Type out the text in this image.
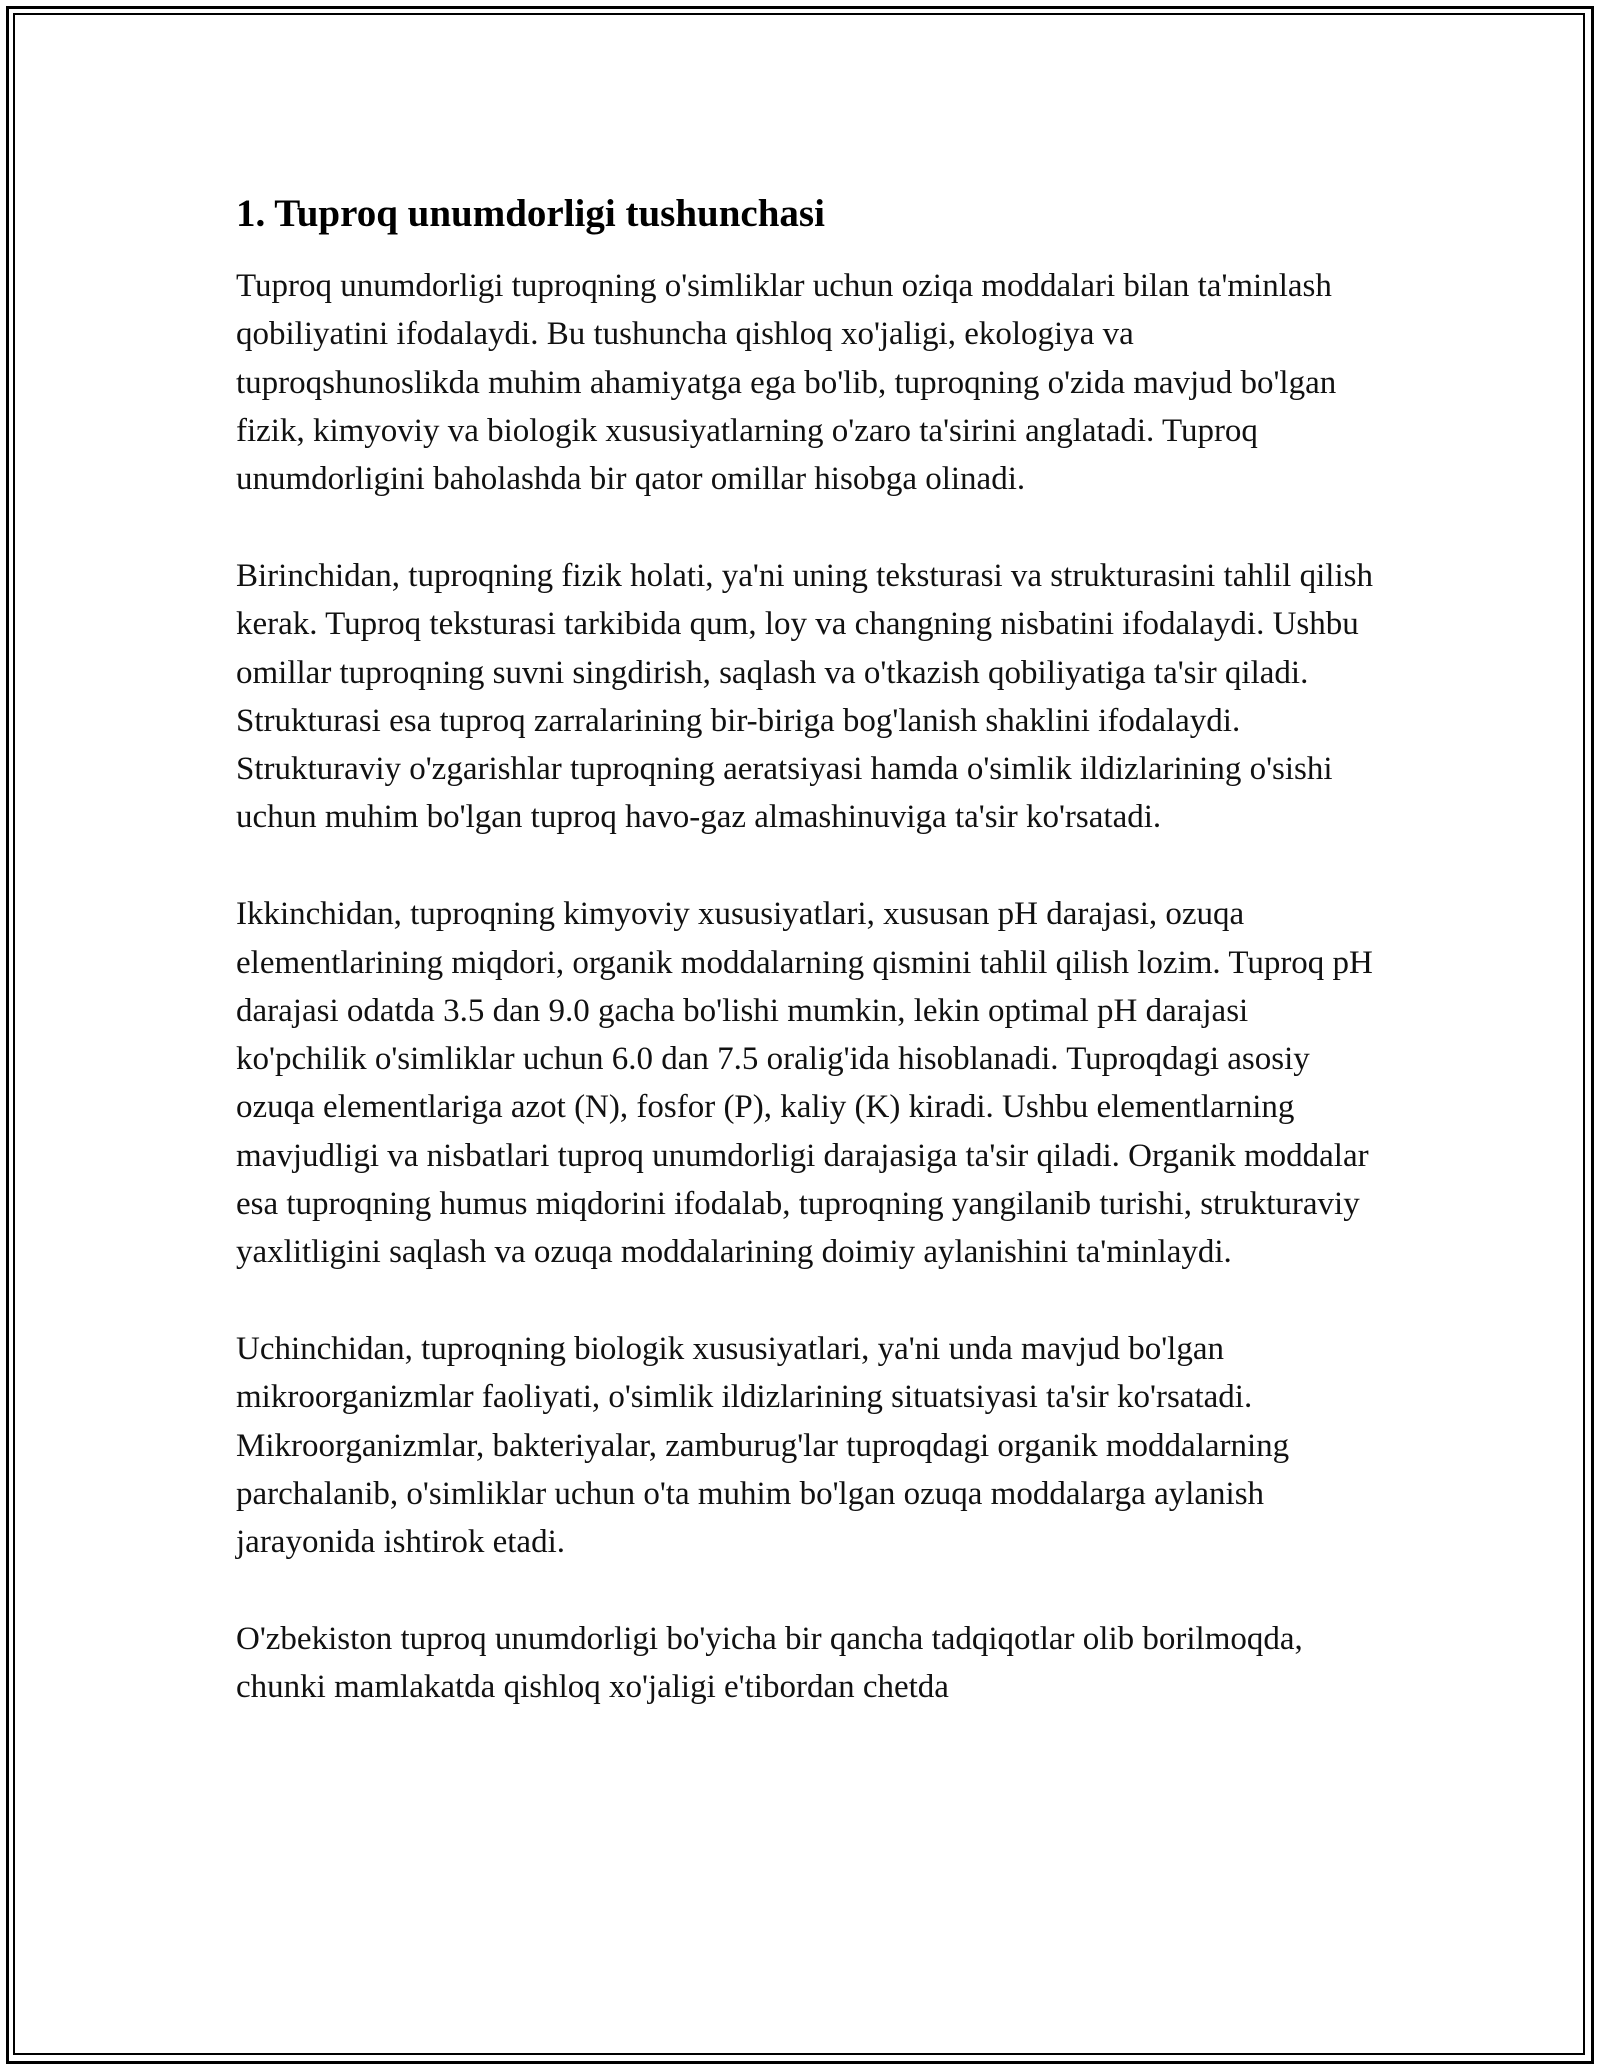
1. Tuproq unumdorligi tushunchasi

Tuproq unumdorligi tuproqning o'simliklar uchun oziqa moddalari bilan ta'minlash qobiliyatini ifodalaydi. Bu tushuncha qishloq xo'jaligi, ekologiya va tuproqshunoslikda muhim ahamiyatga ega bo'lib, tuproqning o'zida mavjud bo'lgan fizik, kimyoviy va biologik xususiyatlarning o'zaro ta'sirini anglatadi. Tuproq unumdorligini baholashda bir qator omillar hisobga olinadi.

Birinchidan, tuproqning fizik holati, ya'ni uning teksturasi va strukturasini tahlil qilish kerak. Tuproq teksturasi tarkibida qum, loy va changning nisbatini ifodalaydi. Ushbu omillar tuproqning suvni singdirish, saqlash va o'tkazish qobiliyatiga ta'sir qiladi. Strukturasi esa tuproq zarralarining bir-biriga bog'lanish shaklini ifodalaydi. Strukturaviy o'zgarishlar tuproqning aeratsiyasi hamda o'simlik ildizlarining o'sishi uchun muhim bo'lgan tuproq havo-gaz almashinuviga ta'sir ko'rsatadi.

Ikkinchidan, tuproqning kimyoviy xususiyatlari, xususan pH darajasi, ozuqa elementlarining miqdori, organik moddalarning qismini tahlil qilish lozim. Tuproq pH darajasi odatda 3.5 dan 9.0 gacha bo'lishi mumkin, lekin optimal pH darajasi ko'pchilik o'simliklar uchun 6.0 dan 7.5 oralig'ida hisoblanadi. Tuproqdagi asosiy ozuqa elementlariga azot (N), fosfor (P), kaliy (K) kiradi. Ushbu elementlarning mavjudligi va nisbatlari tuproq unumdorligi darajasiga ta'sir qiladi. Organik moddalar esa tuproqning humus miqdorini ifodalab, tuproqning yangilanib turishi, strukturaviy yaxlitligini saqlash va ozuqa moddalarining doimiy aylanishini ta'minlaydi.

Uchinchidan, tuproqning biologik xususiyatlari, ya'ni unda mavjud bo'lgan mikroorganizmlar faoliyati, o'simlik ildizlarining situatsiyasi ta'sir ko'rsatadi. Mikroorganizmlar, bakteriyalar, zamburug'lar tuproqdagi organik moddalarning parchalanib, o'simliklar uchun o'ta muhim bo'lgan ozuqa moddalarga aylanish jarayonida ishtirok etadi.

O'zbekiston tuproq unumdorligi bo'yicha bir qancha tadqiqotlar olib borilmoqda, chunki mamlakatda qishloq xo'jaligi e'tibordan chetda
